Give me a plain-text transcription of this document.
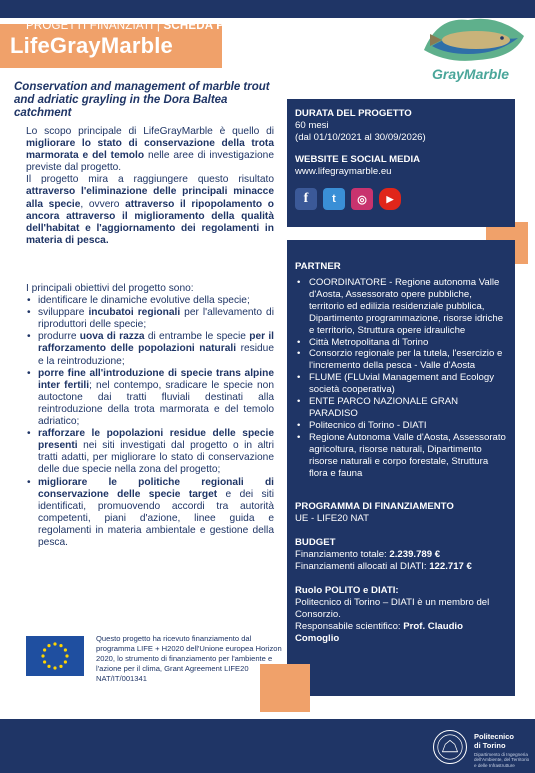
LifeGrayMarble
GrayMarble
Conservation and management of marble trout and adriatic grayling in the Dora Baltea catchment

Lo scopo principale di LifeGrayMarble è quello di migliorare lo stato di conservazione della trota marmorata e del temolo nelle aree di investigazione previste dal progetto.

Il progetto mira a raggiungere questo risultato attraverso l'eliminazione delle principali minacce alla specie, ovvero attraverso il ripopolamento o ancora attraverso il miglioramento della qualità dell'habitat e l'aggiornamento dei regolamenti in materia di pesca.

I principali obiettivi del progetto sono:

• identificare le dinamiche evolutive della specie;
• sviluppare incubatoi regionali per l'allevamento di riproduttori delle specie;
• produrre uova di razza di entrambe le specie per il rafforzamento delle popolazioni naturali residue e la reintroduzione;
• porre fine all'introduzione di specie trans alpine inter fertili; nel contempo, sradicare le specie non autoctone dai tratti fluviali destinati alla reintroduzione della trota marmorata e del temolo adriatico;
• rafforzare le popolazioni residue delle specie presenti nei siti investigati dal progetto o in altri tratti adatti, per migliorare lo stato di conservazione delle due specie nella zona del progetto;
• migliorare le politiche regionali di conservazione delle specie target e dei siti identificati, promuovendo accordi tra autorità competenti, piani d'azione, linee guida e regolamenti in materia ambientale e gestione della pesca.
Questo progetto ha ricevuto finanziamento dal programma LIFE + H2020 dell'Unione europea Horizon 2020, lo strumento di finanziamento per l'ambiente e l'azione per il clima, Grant Agreement LIFE20 NAT/IT/001341
DURATA DEL PROGETTO
60 mesi
(dal 01/10/2021 al 30/09/2026)
WEBSITE E SOCIAL MEDIA
www.lifegraymarble.eu
f	t	◎	▶
PARTNER
• COORDINATORE - Regione autonoma Valle d'Aosta, Assessorato opere pubbliche, territorio ed edilizia residenziale pubblica, Dipartimento programmazione, risorse idriche e territorio, Struttura opere idrauliche
• Città Metropolitana di Torino
• Consorzio regionale per la tutela, l'esercizio e l'incremento della pesca - Valle d'Aosta
• FLUME (FLUvial Management and Ecology società cooperativa)
• ENTE PARCO NAZIONALE GRAN PARADISO
• Politecnico di Torino - DIATI
• Regione Autonoma Valle d'Aosta, Assessorato agricoltura, risorse naturali, Dipartimento risorse naturali e corpo forestale, Struttura flora e fauna
PROGRAMMA DI FINANZIAMENTO
UE - LIFE20 NAT
BUDGET
Finanziamento totale: 2.239.789 €
Finanziamenti allocati al DIATI: 122.717 €
Ruolo POLITO e DIATI:
Politecnico di Torino – DIATI è un membro del Consorzio.
Responsabile scientifico: Prof. Claudio Comoglio
PROGETTI FINANZIATI | SCHEDA PROGETTO
Politecnico
di Torino
Dipartimento di Ingegneria dell'Ambiente, del Territorio e delle Infrastrutture
